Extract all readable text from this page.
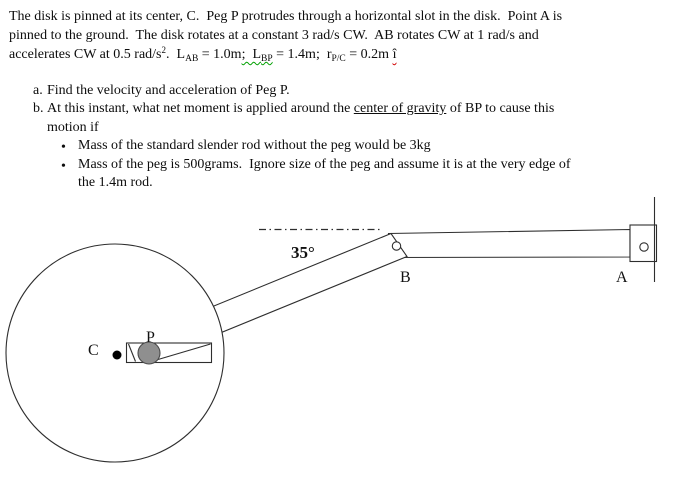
The disk is pinned at its center, C.  Peg P protrudes through a horizontal slot in the disk.  Point A is
pinned to the ground.  The disk rotates at a constant 3 rad/s CW.  AB rotates CW at 1 rad/s and
accelerates CW at 0.5 rad/$s^2$.  $L_{AB} = 1.0m$;  $L_{BP} = 1.4m$;  $r_{P/C} = 0.2m$ î
a. Find the velocity and acceleration of Peg P.
b. At this instant, what net moment is applied around the center of gravity of BP to cause this
motion if
• Mass of the standard slender rod without the peg would be 3kg
• Mass of the peg is 500grams.  Ignore size of the peg and assume it is at the very edge of
the 1.4m rod.
C
P
B	A
35°
